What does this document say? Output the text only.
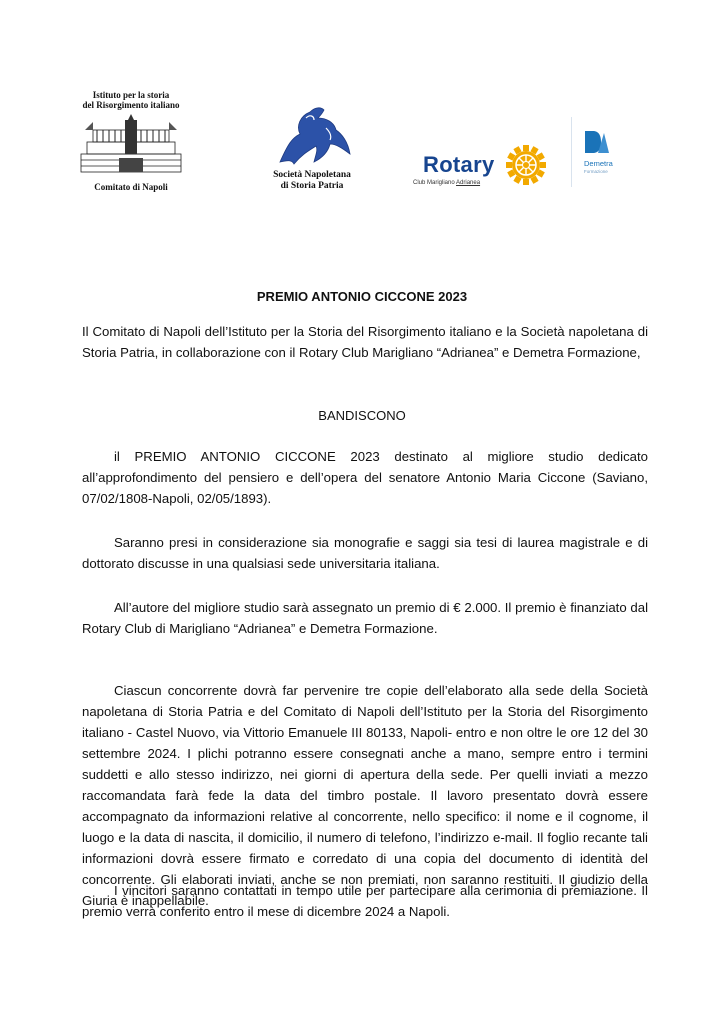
Istituto per la storia
del Risorgimento italiano
Comitato di Napoli
Società Napoletana
di Storia Patria
Rotary
Club Marigliano Adrianea
Demetra
Formazione
PREMIO ANTONIO CICCONE 2023

Il Comitato di Napoli dell’Istituto per la Storia del Risorgimento italiano e la Società napoletana di Storia Patria, in collaborazione con il Rotary Club Marigliano “Adrianea” e Demetra Formazione,

BANDISCONO

il PREMIO ANTONIO CICCONE 2023 destinato al migliore studio dedicato all’approfondimento del pensiero e dell’opera del senatore Antonio Maria Ciccone (Saviano, 07/02/1808-Napoli, 02/05/1893).

Saranno presi in considerazione sia monografie e saggi sia tesi di laurea magistrale e di dottorato discusse in una qualsiasi sede universitaria italiana.

All’autore del migliore studio sarà assegnato un premio di € 2.000. Il premio è finanziato dal Rotary Club di Marigliano “Adrianea” e Demetra Formazione.

Ciascun concorrente dovrà far pervenire tre copie dell’elaborato alla sede della Società napoletana di Storia Patria e del Comitato di Napoli dell’Istituto per la Storia del Risorgimento italiano - Castel Nuovo, via Vittorio Emanuele III 80133, Napoli- entro e non oltre le ore 12 del 30 settembre 2024. I plichi potranno essere consegnati anche a mano, sempre entro i termini suddetti e allo stesso indirizzo, nei giorni di apertura della sede. Per quelli inviati a mezzo raccomandata farà fede la data del timbro postale. Il lavoro presentato dovrà essere accompagnato da informazioni relative al concorrente, nello specifico: il nome e il cognome, il luogo e la data di nascita, il domicilio, il numero di telefono, l’indirizzo e-mail. Il foglio recante tali informazioni dovrà essere firmato e corredato di una copia del documento di identità del concorrente. Gli elaborati inviati, anche se non premiati, non saranno restituiti. Il giudizio della Giuria è inappellabile.

I vincitori saranno contattati in tempo utile per partecipare alla cerimonia di premiazione. Il premio verrà conferito entro il mese di dicembre 2024 a Napoli.
